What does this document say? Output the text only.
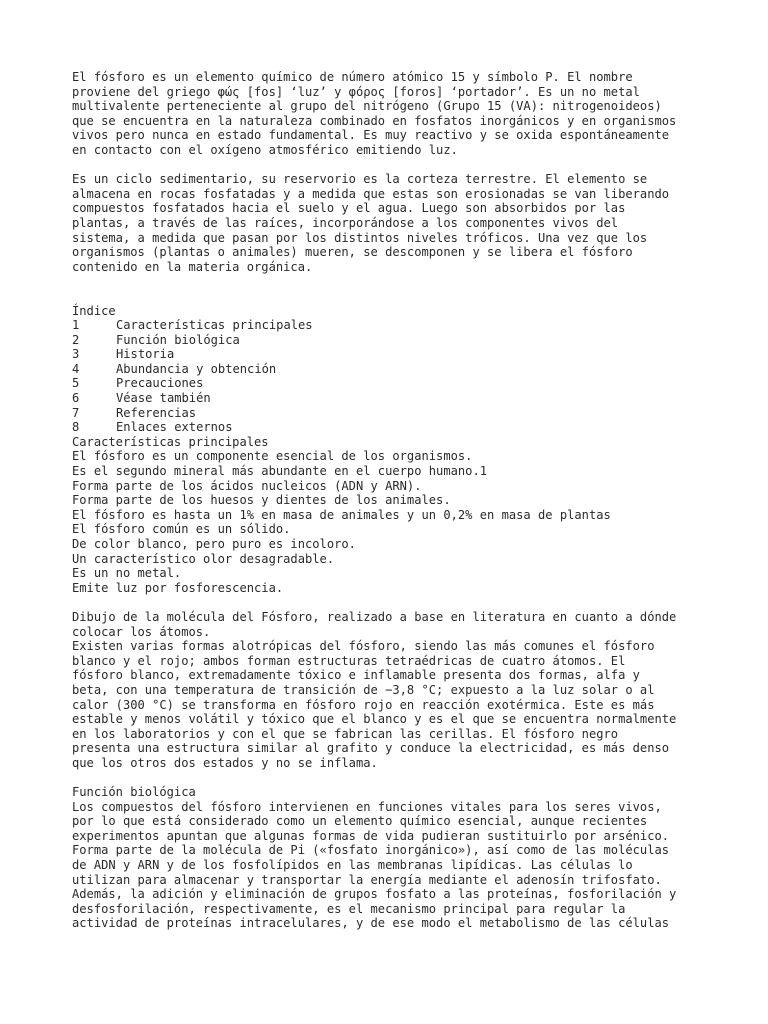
El fósforo es un elemento químico de número atómico 15 y símbolo P. El nombre
proviene del griego φώς [fos] ‘luz’ y φόρος [foros] ‘portador’. Es un no metal
multivalente perteneciente al grupo del nitrógeno (Grupo 15 (VA): nitrogenoideos)
que se encuentra en la naturaleza combinado en fosfatos inorgánicos y en organismos
vivos pero nunca en estado fundamental. Es muy reactivo y se oxida espontáneamente
en contacto con el oxígeno atmosférico emitiendo luz.
Es un ciclo sedimentario, su reservorio es la corteza terrestre. El elemento se
almacena en rocas fosfatadas y a medida que estas son erosionadas se van liberando
compuestos fosfatados hacia el suelo y el agua. Luego son absorbidos por las
plantas, a través de las raíces, incorporándose a los componentes vivos del
sistema, a medida que pasan por los distintos niveles tróficos. Una vez que los
organismos (plantas o animales) mueren, se descomponen y se libera el fósforo
contenido en la materia orgánica.
Índice
1	Características principales
2	Función biológica
3	Historia
4	Abundancia y obtención
5	Precauciones
6	Véase también
7	Referencias
8	Enlaces externos
Características principales
El fósforo es un componente esencial de los organismos.
Es el segundo mineral más abundante en el cuerpo humano.1
Forma parte de los ácidos nucleicos (ADN y ARN).
Forma parte de los huesos y dientes de los animales.
El fósforo es hasta un 1% en masa de animales y un 0,2% en masa de plantas
El fósforo común es un sólido.
De color blanco, pero puro es incoloro.
Un característico olor desagradable.
Es un no metal.
Emite luz por fosforescencia.
Dibujo de la molécula del Fósforo, realizado a base en literatura en cuanto a dónde
colocar los átomos.
Existen varias formas alotrópicas del fósforo, siendo las más comunes el fósforo
blanco y el rojo; ambos forman estructuras tetraédricas de cuatro átomos. El
fósforo blanco, extremadamente tóxico e inflamable presenta dos formas, alfa y
beta, con una temperatura de transición de −3,8 °C; expuesto a la luz solar o al
calor (300 °C) se transforma en fósforo rojo en reacción exotérmica. Este es más
estable y menos volátil y tóxico que el blanco y es el que se encuentra normalmente
en los laboratorios y con el que se fabrican las cerillas. El fósforo negro
presenta una estructura similar al grafito y conduce la electricidad, es más denso
que los otros dos estados y no se inflama.
Función biológica
Los compuestos del fósforo intervienen en funciones vitales para los seres vivos,
por lo que está considerado como un elemento químico esencial, aunque recientes
experimentos apuntan que algunas formas de vida pudieran sustituirlo por arsénico.
Forma parte de la molécula de Pi («fosfato inorgánico»), así como de las moléculas
de ADN y ARN y de los fosfolípidos en las membranas lipídicas. Las células lo
utilizan para almacenar y transportar la energía mediante el adenosín trifosfato.
Además, la adición y eliminación de grupos fosfato a las proteínas, fosforilación y
desfosforilación, respectivamente, es el mecanismo principal para regular la
actividad de proteínas intracelulares, y de ese modo el metabolismo de las células
